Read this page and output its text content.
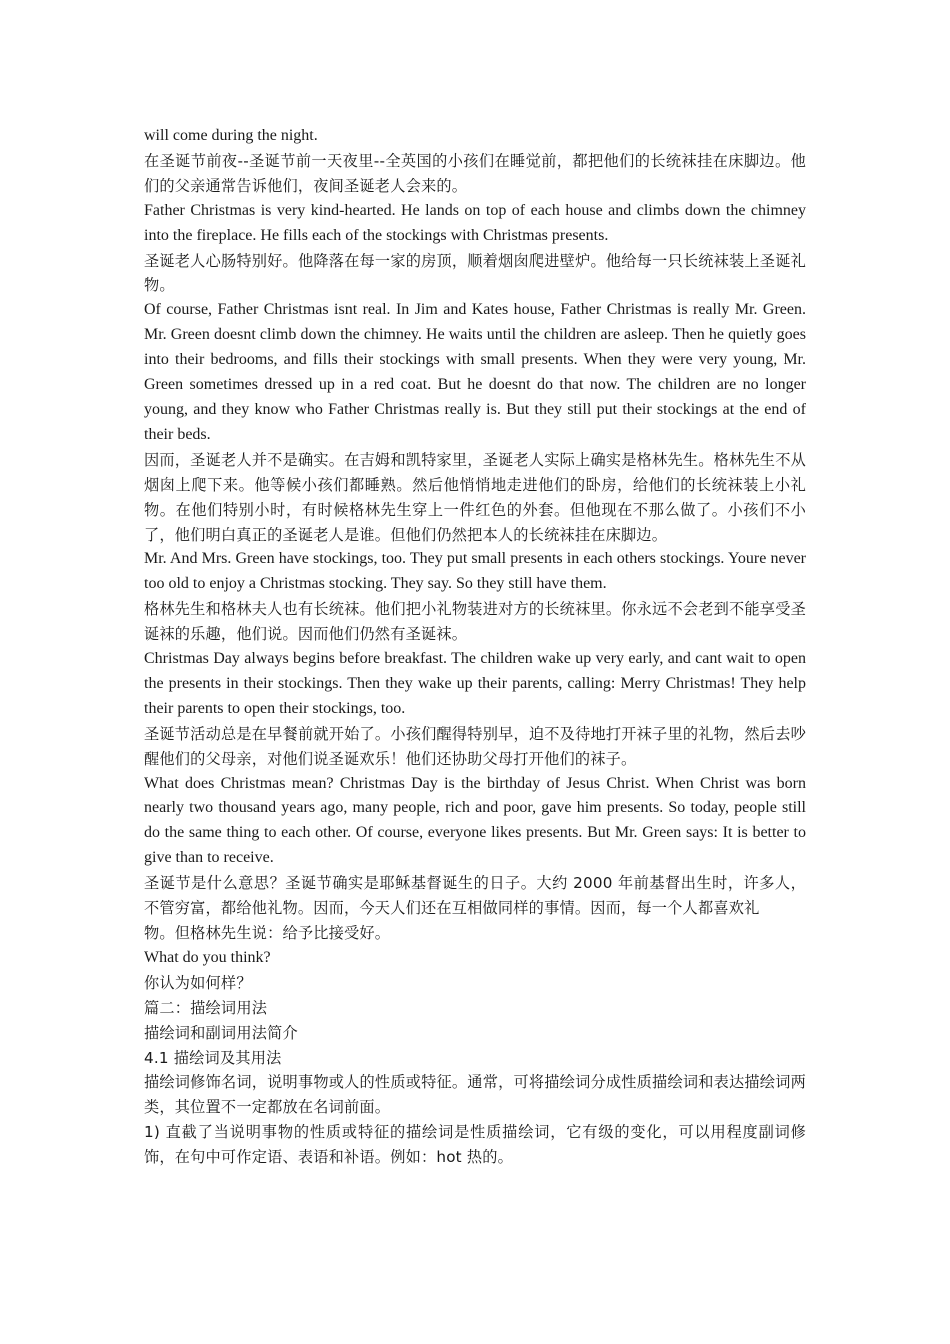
will come during the night.

在圣诞节前夜--圣诞节前一天夜里--全英国的小孩们在睡觉前，都把他们的长统袜挂在床脚边。他们的父亲通常告诉他们，夜间圣诞老人会来的。

Father Christmas is very kind-hearted. He lands on top of each house and climbs down the chimney into the fireplace. He fills each of the stockings with Christmas presents.

圣诞老人心肠特别好。他降落在每一家的房顶，顺着烟囱爬进壁炉。他给每一只长统袜装上圣诞礼物。

Of course, Father Christmas isnt real. In Jim and Kates house, Father Christmas is really Mr. Green. Mr. Green doesnt climb down the chimney. He waits until the children are asleep. Then he quietly goes into their bedrooms, and fills their stockings with small presents. When they were very young, Mr. Green sometimes dressed up in a red coat. But he doesnt do that now. The children are no longer young, and they know who Father Christmas really is. But they still put their stockings at the end of their beds.

因而，圣诞老人并不是确实。在吉姆和凯特家里，圣诞老人实际上确实是格林先生。格林先生不从烟囱上爬下来。他等候小孩们都睡熟。然后他悄悄地走进他们的卧房，给他们的长统袜装上小礼物。在他们特别小时，有时候格林先生穿上一件红色的外套。但他现在不那么做了。小孩们不小了，他们明白真正的圣诞老人是谁。但他们仍然把本人的长统袜挂在床脚边。

Mr. And Mrs. Green have stockings, too. They put small presents in each others stockings. Youre never too old to enjoy a Christmas stocking. They say. So they still have them.

格林先生和格林夫人也有长统袜。他们把小礼物装进对方的长统袜里。你永远不会老到不能享受圣诞袜的乐趣，他们说。因而他们仍然有圣诞袜。

Christmas Day always begins before breakfast. The children wake up very early, and cant wait to open the presents in their stockings. Then they wake up their parents, calling: Merry Christmas! They help their parents to open their stockings, too.

圣诞节活动总是在早餐前就开始了。小孩们醒得特别早，迫不及待地打开袜子里的礼物，然后去吵醒他们的父母亲，对他们说圣诞欢乐！他们还协助父母打开他们的袜子。

What does Christmas mean? Christmas Day is the birthday of Jesus Christ. When Christ was born nearly two thousand years ago, many people, rich and poor, gave him presents. So today, people still do the same thing to each other. Of course, everyone likes presents. But Mr. Green says: It is better to give than to receive.

圣诞节是什么意思？圣诞节确实是耶稣基督诞生的日子。大约 2000 年前基督出生时，许多人，不管穷富，都给他礼物。因而，今天人们还在互相做同样的事情。因而，每一个人都喜欢礼

物。但格林先生说：给予比接受好。

What do you think?

你认为如何样？

篇二：描绘词用法

描绘词和副词用法简介

4.1 描绘词及其用法

描绘词修饰名词，说明事物或人的性质或特征。通常，可将描绘词分成性质描绘词和表达描绘词两类，其位置不一定都放在名词前面。

1) 直截了当说明事物的性质或特征的描绘词是性质描绘词，它有级的变化，可以用程度副词修饰，在句中可作定语、表语和补语。例如：hot 热的。
